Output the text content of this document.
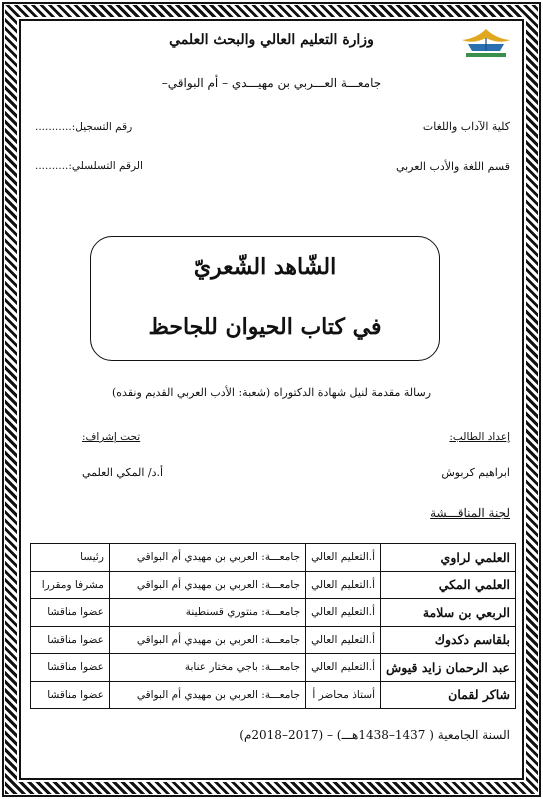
وزارة التعليم العالي والبحث العلمي
جامعـــة العـــربي بن مهيـــدي – أم البواقي–
كلية الآداب واللغات
رقم التسجيل:...........
قسم اللغة والأدب العربي
الرقم التسلسلي:..........
الشّاهد الشّعريّ
في كتاب الحيوان للجاحظ
رسالة مقدمة لنيل شهادة الدكتوراه (شعبة: الأدب العربي القديم ونقده)
إعداد الطالب:
تحت إشراف:
ابراهيم كربوش
أ.د/ المكي العلمي
لجنة المناقـــشة
العلمي لراوي	أ.التعليم العالي	جامعـــة: العربي بن مهيدي أم البواقي	رئيسا
العلمي المكي	أ.التعليم العالي	جامعـــة: العربي بن مهيدي أم البواقي	مشرفا ومقررا
الربعي بن سلامة	أ.التعليم العالي	جامعـــة: منتوري قسنطينة	عضوا مناقشا
بلقاسم دكدوك	أ.التعليم العالي	جامعـــة: العربي بن مهيدي أم البواقي	عضوا مناقشا
عبد الرحمان زايد قيوش	أ.التعليم العالي	جامعـــة: باجي مختار عنابة	عضوا مناقشا
شاكر لقمان	أستاذ محاضر أ	جامعـــة: العربي بن مهيدي أم البواقي	عضوا مناقشا
السنة الجامعية ( 1437–1438هـــ) – (2017–2018م)
